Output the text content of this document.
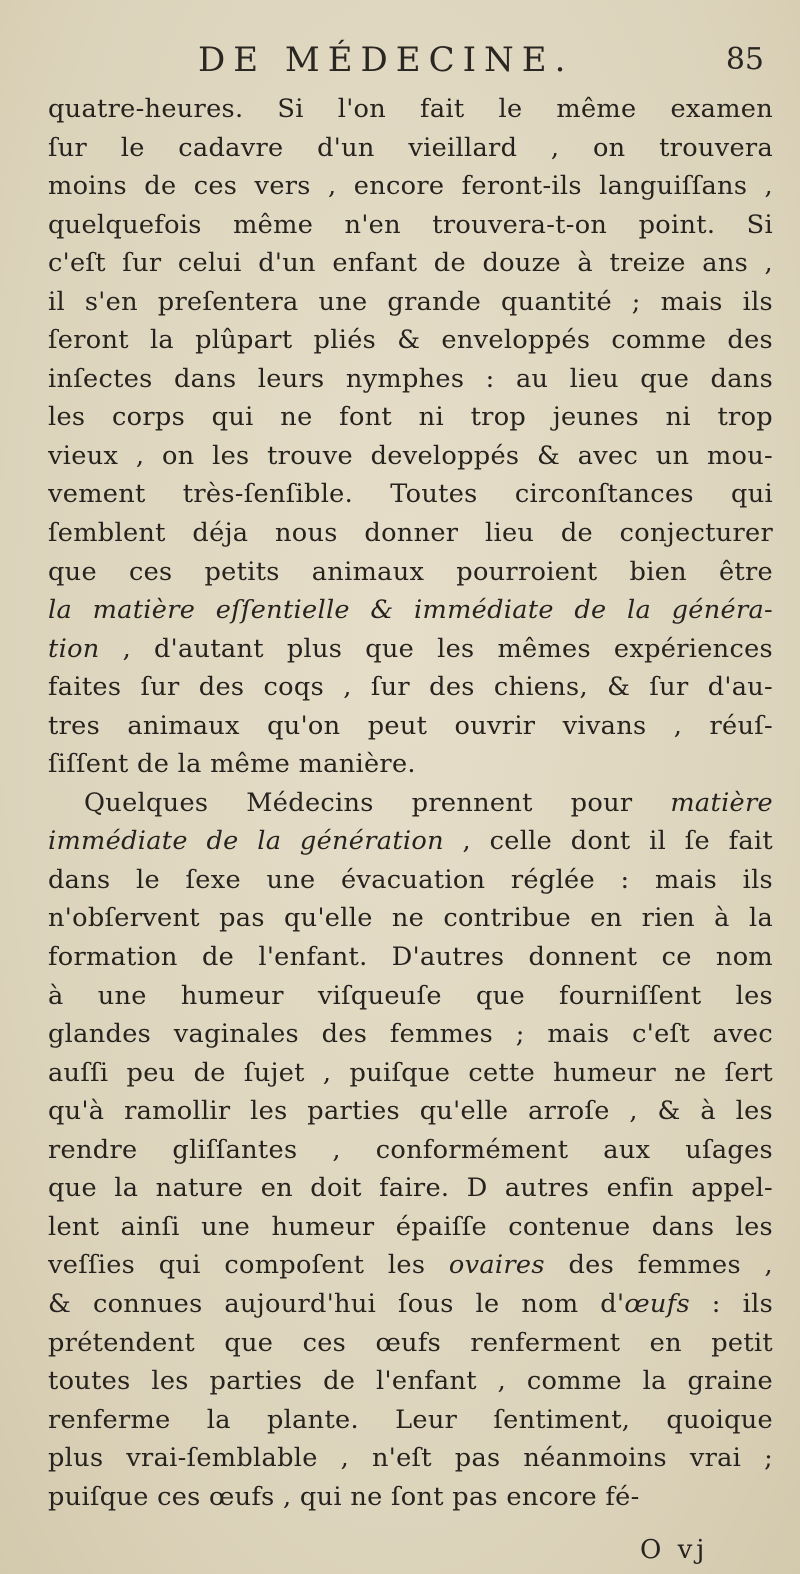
DE MÉDECINE.	85
quatre-heures. Si l'on fait le même examen
ſur le cadavre d'un vieillard , on trouvera
moins de ces vers , encore feront-ils languiſſans ,
quelquefois même n'en trouvera-t-on point. Si
c'eſt ſur celui d'un enfant de douze à treize ans ,
il s'en preſentera une grande quantité ; mais ils
ſeront la plûpart pliés & enveloppés comme des
inſectes dans leurs nymphes : au lieu que dans
les corps qui ne font ni trop jeunes ni trop
vieux , on les trouve developpés & avec un mou-
vement très-ſenſible. Toutes circonſtances qui
ſemblent déja nous donner lieu de conjecturer
que ces petits animaux pourroient bien être
la matière eſſentielle & immédiate de la généra-
tion , d'autant plus que les mêmes expériences
faites ſur des coqs , ſur des chiens, & ſur d'au-
tres animaux qu'on peut ouvrir vivans , réuſ-
ſiſſent de la même manière.
Quelques Médecins prennent pour matière
immédiate de la génération , celle dont il ſe fait
dans le ſexe une évacuation réglée : mais ils
n'obſervent pas qu'elle ne contribue en rien à la
formation de l'enfant. D'autres donnent ce nom
à une humeur viſqueuſe que fourniſſent les
glandes vaginales des femmes ; mais c'eſt avec
auſſi peu de ſujet , puiſque cette humeur ne ſert
qu'à ramollir les parties qu'elle arroſe , & à les
rendre gliſſantes , conformément aux uſages
que la nature en doit faire. D autres enfin appel-
lent ainſi une humeur épaiſſe contenue dans les
veſſies qui compoſent les ovaires des femmes ,
& connues aujourd'hui ſous le nom d'œufs : ils
prétendent que ces œufs renferment en petit
toutes les parties de l'enfant , comme la graine
renferme la plante. Leur ſentiment, quoique
plus vrai-ſemblable , n'eſt pas néanmoins vrai ;
puiſque ces œufs , qui ne ſont pas encore fé-
O vj
